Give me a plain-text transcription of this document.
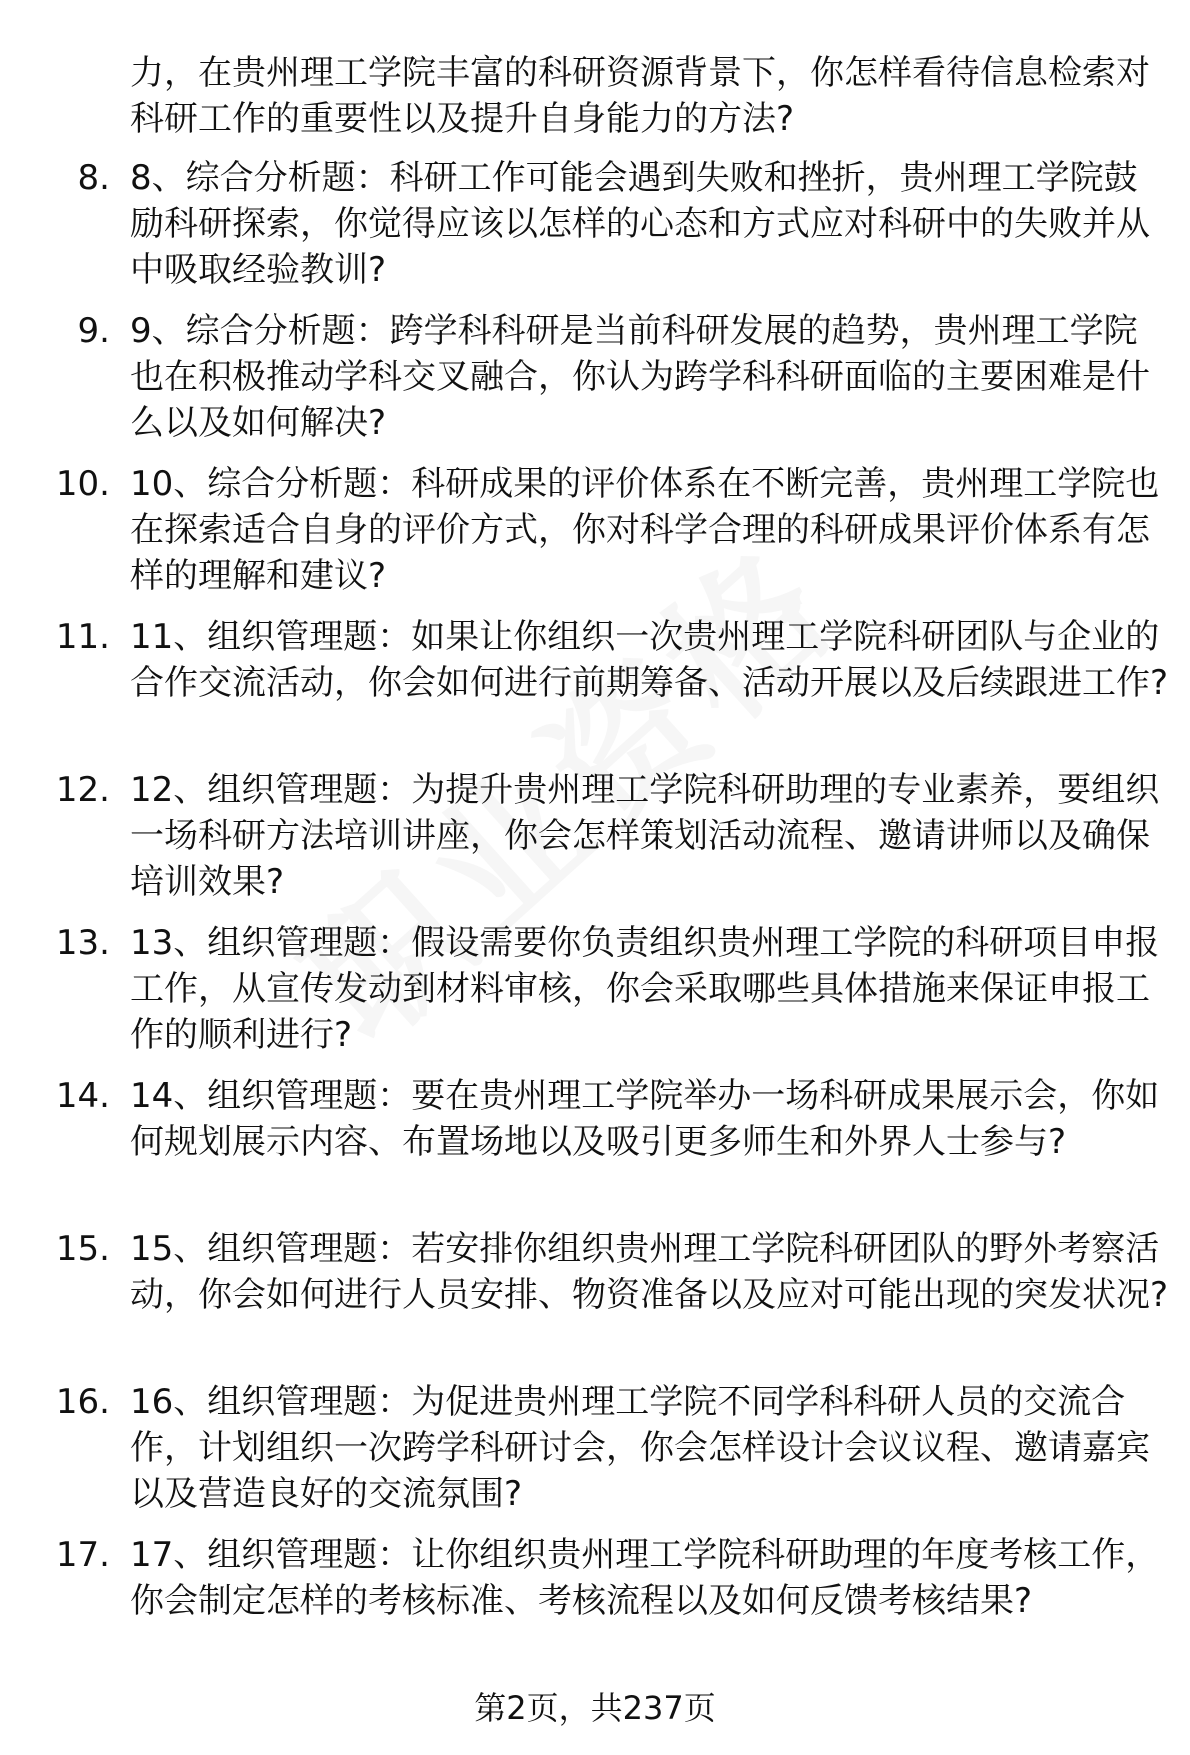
力，在贵州理工学院丰富的科研资源背景下，你怎样看待信息检索对科研工作的重要性以及提升自身能力的方法?

8. 8、综合分析题：科研工作可能会遇到失败和挫折，贵州理工学院鼓励科研探索，你觉得应该以怎样的心态和方式应对科研中的失败并从中吸取经验教训?

9. 9、综合分析题：跨学科科研是当前科研发展的趋势，贵州理工学院也在积极推动学科交叉融合，你认为跨学科科研面临的主要困难是什么以及如何解决?

10. 10、综合分析题：科研成果的评价体系在不断完善，贵州理工学院也在探索适合自身的评价方式，你对科学合理的科研成果评价体系有怎样的理解和建议?

11. 11、组织管理题：如果让你组织一次贵州理工学院科研团队与企业的合作交流活动，你会如何进行前期筹备、活动开展以及后续跟进工作?

12. 12、组织管理题：为提升贵州理工学院科研助理的专业素养，要组织一场科研方法培训讲座，你会怎样策划活动流程、邀请讲师以及确保培训效果?

13. 13、组织管理题：假设需要你负责组织贵州理工学院的科研项目申报工作，从宣传发动到材料审核，你会采取哪些具体措施来保证申报工作的顺利进行?

14. 14、组织管理题：要在贵州理工学院举办一场科研成果展示会，你如何规划展示内容、布置场地以及吸引更多师生和外界人士参与?

15. 15、组织管理题：若安排你组织贵州理工学院科研团队的野外考察活动，你会如何进行人员安排、物资准备以及应对可能出现的突发状况?

16. 16、组织管理题：为促进贵州理工学院不同学科科研人员的交流合作，计划组织一次跨学科研讨会，你会怎样设计会议议程、邀请嘉宾以及营造良好的交流氛围?

17. 17、组织管理题：让你组织贵州理工学院科研助理的年度考核工作，你会制定怎样的考核标准、考核流程以及如何反馈考核结果?

第2页，共237页
